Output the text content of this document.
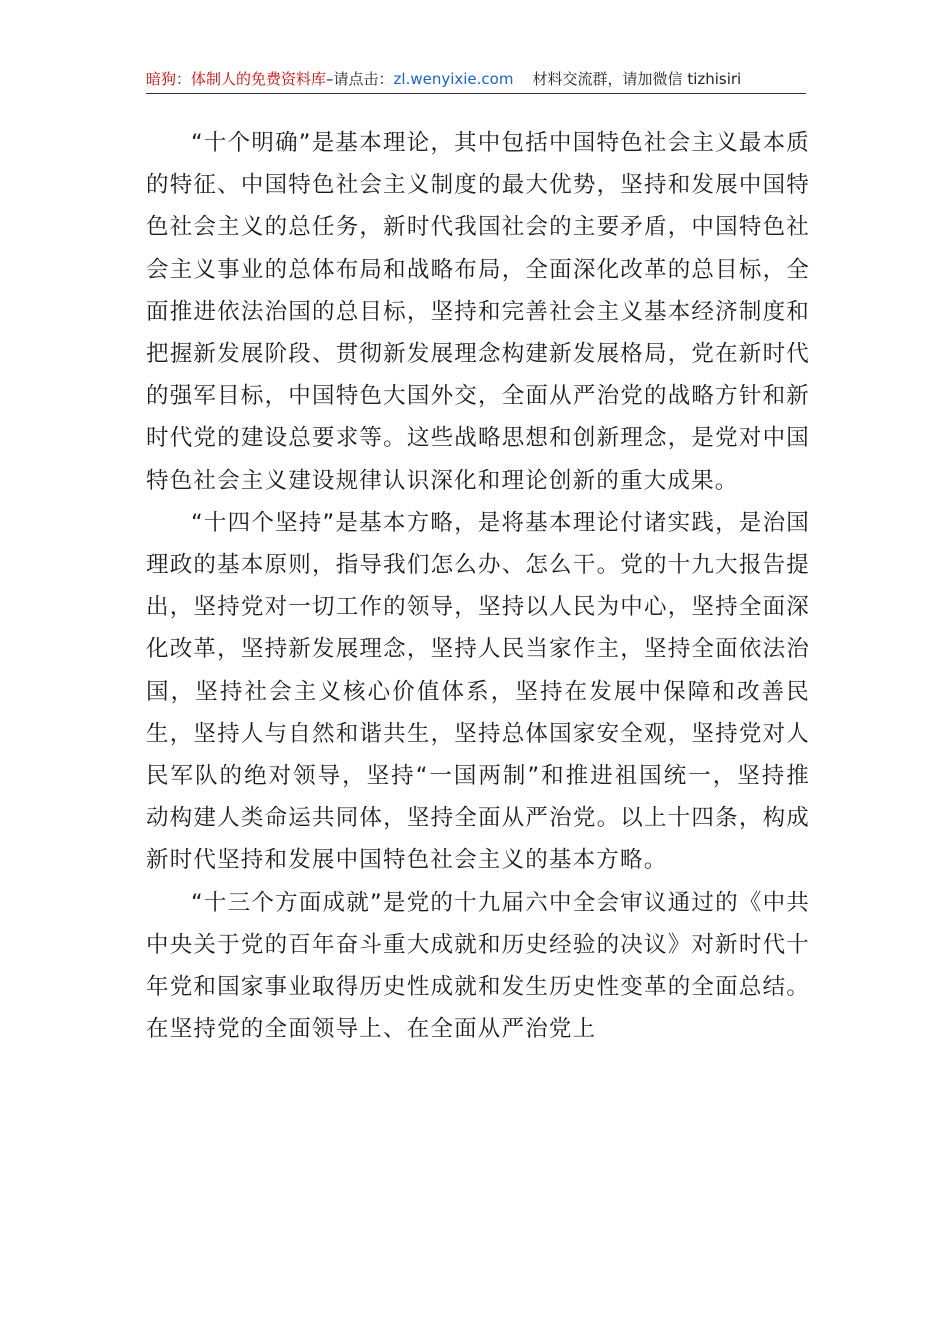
暗狗：体制人的免费资料库–请点击：zl.wenyixie.com 材料交流群，请加微信 tizhisiri

“十个明确”是基本理论，其中包括中国特色社会主义最本质的特征、中国特色社会主义制度的最大优势，坚持和发展中国特色社会主义的总任务，新时代我国社会的主要矛盾，中国特色社会主义事业的总体布局和战略布局，全面深化改革的总目标，全面推进依法治国的总目标，坚持和完善社会主义基本经济制度和把握新发展阶段、贯彻新发展理念构建新发展格局，党在新时代的强军目标，中国特色大国外交，全面从严治党的战略方针和新时代党的建设总要求等。这些战略思想和创新理念，是党对中国特色社会主义建设规律认识深化和理论创新的重大成果。

“十四个坚持”是基本方略，是将基本理论付诸实践，是治国理政的基本原则，指导我们怎么办、怎么干。党的十九大报告提出，坚持党对一切工作的领导，坚持以人民为中心，坚持全面深化改革，坚持新发展理念，坚持人民当家作主，坚持全面依法治国，坚持社会主义核心价值体系，坚持在发展中保障和改善民生，坚持人与自然和谐共生，坚持总体国家安全观，坚持党对人民军队的绝对领导，坚持“一国两制”和推进祖国统一，坚持推动构建人类命运共同体，坚持全面从严治党。以上十四条，构成新时代坚持和发展中国特色社会主义的基本方略。

“十三个方面成就”是党的十九届六中全会审议通过的《中共中央关于党的百年奋斗重大成就和历史经验的决议》对新时代十年党和国家事业取得历史性成就和发生历史性变革的全面总结。在坚持党的全面领导上、在全面从严治党上
